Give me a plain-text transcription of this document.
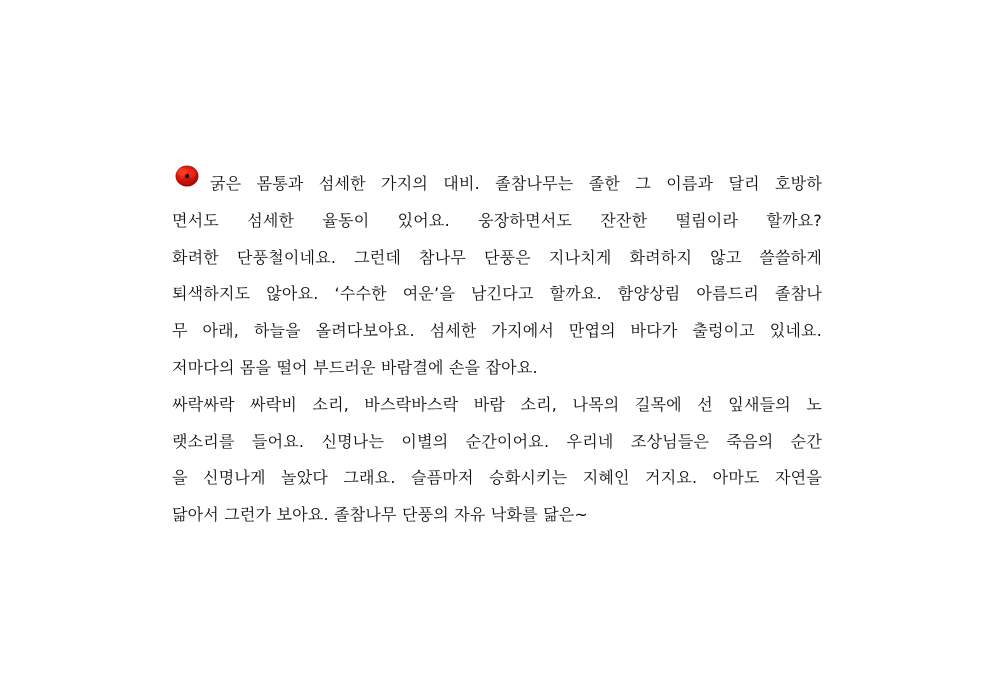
굵은 몸통과 섬세한 가지의 대비. 졸참나무는 졸한 그 이름과 달리 호방하
면서도 섬세한 율동이 있어요. 웅장하면서도 잔잔한 떨림이라 할까요?
화려한 단풍철이네요. 그런데 참나무 단풍은 지나치게 화려하지 않고 쓸쓸하게
퇴색하지도 않아요. ‘수수한 여운’을 남긴다고 할까요. 함양상림 아름드리 졸참나
무 아래, 하늘을 올려다보아요. 섬세한 가지에서 만엽의 바다가 출렁이고 있네요.
저마다의 몸을 떨어 부드러운 바람결에 손을 잡아요.
싸락싸락 싸락비 소리, 바스락바스락 바람 소리, 나목의 길목에 선 잎새들의 노
랫소리를 들어요. 신명나는 이별의 순간이어요. 우리네 조상님들은 죽음의 순간
을 신명나게 놀았다 그래요. 슬픔마저 승화시키는 지혜인 거지요. 아마도 자연을
닮아서 그런가 보아요. 졸참나무 단풍의 자유 낙화를 닮은~
